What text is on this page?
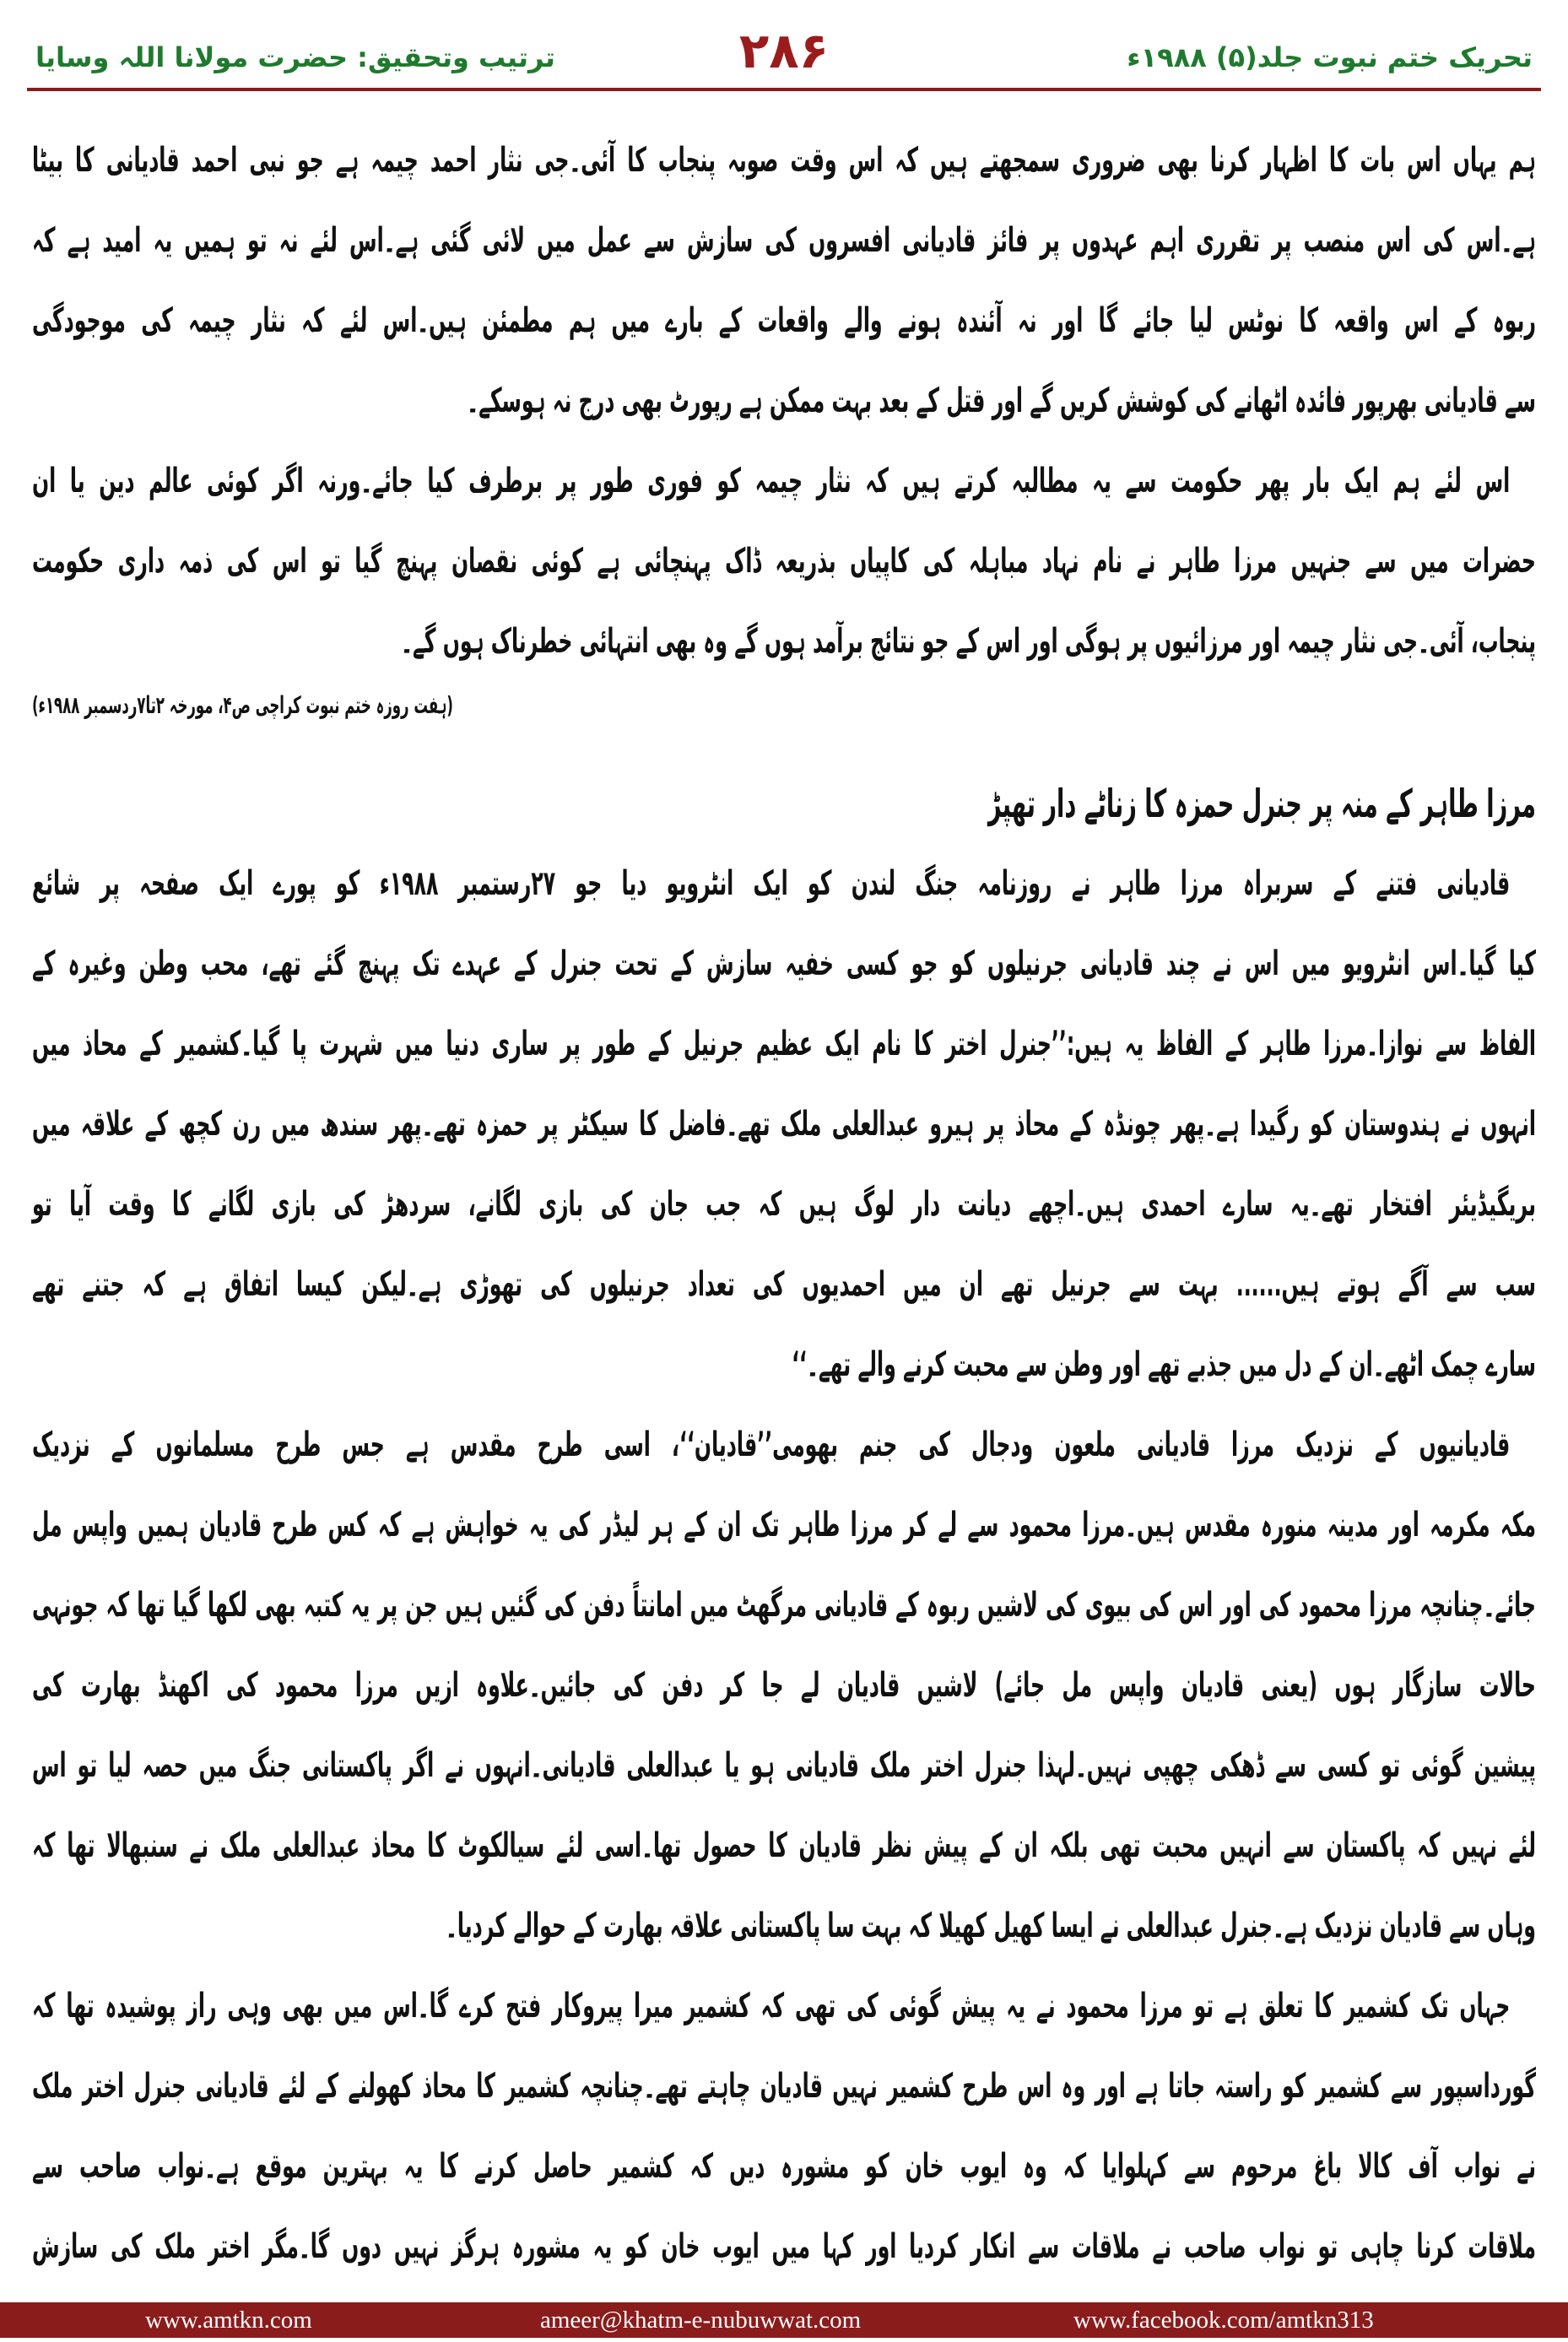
تحریک ختم نبوت جلد(۵) ۱۹۸۸ء
۲۸۶
ترتیب وتحقیق: حضرت مولانا اللہ وسایا
ہم یہاں اس بات کا اظہار کرنا بھی ضروری سمجھتے ہیں کہ اس وقت صوبہ پنجاب کا آئی۔جی نثار احمد چیمہ ہے جو نبی احمد قادیانی کا بیٹا
ہے۔اس کی اس منصب پر تقرری اہم عہدوں پر فائز قادیانی افسروں کی سازش سے عمل میں لائی گئی ہے۔اس لئے نہ تو ہمیں یہ امید ہے کہ
ربوہ کے اس واقعہ کا نوٹس لیا جائے گا اور نہ آئندہ ہونے والے واقعات کے بارے میں ہم مطمئن ہیں۔اس لئے کہ نثار چیمہ کی موجودگی
سے قادیانی بھرپور فائدہ اٹھانے کی کوشش کریں گے اور قتل کے بعد بہت ممکن ہے رپورٹ بھی درج نہ ہوسکے۔
اس لئے ہم ایک بار پھر حکومت سے یہ مطالبہ کرتے ہیں کہ نثار چیمہ کو فوری طور پر برطرف کیا جائے۔ورنہ اگر کوئی عالم دین یا ان
حضرات میں سے جنہیں مرزا طاہر نے نام نہاد مباہلہ کی کاپیاں بذریعہ ڈاک پہنچائی ہے کوئی نقصان پہنچ گیا تو اس کی ذمہ داری حکومت
پنجاب، آئی۔جی نثار چیمہ اور مرزائیوں پر ہوگی اور اس کے جو نتائج برآمد ہوں گے وہ بھی انتہائی خطرناک ہوں گے۔
(ہفت روزہ ختم نبوت کراچی ص۴، مورخہ ۲تا۷ردسمبر ۱۹۸۸ء)
مرزا طاہر کے منہ پر جنرل حمزہ کا زناٹے دار تھپڑ
قادیانی فتنے کے سربراہ مرزا طاہر نے روزنامہ جنگ لندن کو ایک انٹرویو دیا جو ۲۷رستمبر ۱۹۸۸ء کو پورے ایک صفحہ پر شائع
کیا گیا۔اس انٹرویو میں اس نے چند قادیانی جرنیلوں کو جو کسی خفیہ سازش کے تحت جنرل کے عہدے تک پہنچ گئے تھے، محب وطن وغیرہ کے
الفاظ سے نوازا۔مرزا طاہر کے الفاظ یہ ہیں:’’جنرل اختر کا نام ایک عظیم جرنیل کے طور پر ساری دنیا میں شہرت پا گیا۔کشمیر کے محاذ میں
انہوں نے ہندوستان کو رگیدا ہے۔پھر چونڈہ کے محاذ پر ہیرو عبدالعلی ملک تھے۔فاضل کا سیکٹر پر حمزہ تھے۔پھر سندھ میں رن کچھ کے علاقہ میں
بریگیڈیئر افتخار تھے۔یہ سارے احمدی ہیں۔اچھے دیانت دار لوگ ہیں کہ جب جان کی بازی لگانے، سردھڑ کی بازی لگانے کا وقت آیا تو
سب سے آگے ہوتے ہیں...... بہت سے جرنیل تھے ان میں احمدیوں کی تعداد جرنیلوں کی تھوڑی ہے۔لیکن کیسا اتفاق ہے کہ جتنے تھے
سارے چمک اٹھے۔ان کے دل میں جذبے تھے اور وطن سے محبت کرنے والے تھے۔‘‘
قادیانیوں کے نزدیک مرزا قادیانی ملعون ودجال کی جنم بھومی’’قادیان‘‘، اسی طرح مقدس ہے جس طرح مسلمانوں کے نزدیک
مکہ مکرمہ اور مدینہ منورہ مقدس ہیں۔مرزا محمود سے لے کر مرزا طاہر تک ان کے ہر لیڈر کی یہ خواہش ہے کہ کس طرح قادیان ہمیں واپس مل
جائے۔چنانچہ مرزا محمود کی اور اس کی بیوی کی لاشیں ربوہ کے قادیانی مرگھٹ میں امانتاً دفن کی گئیں ہیں جن پر یہ کتبہ بھی لکھا گیا تھا کہ جونہی
حالات سازگار ہوں (یعنی قادیان واپس مل جائے) لاشیں قادیان لے جا کر دفن کی جائیں۔علاوہ ازیں مرزا محمود کی اکھنڈ بھارت کی
پیشین گوئی تو کسی سے ڈھکی چھپی نہیں۔لہذا جنرل اختر ملک قادیانی ہو یا عبدالعلی قادیانی۔انہوں نے اگر پاکستانی جنگ میں حصہ لیا تو اس
لئے نہیں کہ پاکستان سے انہیں محبت تھی بلکہ ان کے پیش نظر قادیان کا حصول تھا۔اسی لئے سیالکوٹ کا محاذ عبدالعلی ملک نے سنبھالا تھا کہ
وہاں سے قادیان نزدیک ہے۔جنرل عبدالعلی نے ایسا کھیل کھیلا کہ بہت سا پاکستانی علاقہ بھارت کے حوالے کردیا۔
جہاں تک کشمیر کا تعلق ہے تو مرزا محمود نے یہ پیش گوئی کی تھی کہ کشمیر میرا پیروکار فتح کرے گا۔اس میں بھی وہی راز پوشیدہ تھا کہ
گورداسپور سے کشمیر کو راستہ جاتا ہے اور وہ اس طرح کشمیر نہیں قادیان چاہتے تھے۔چنانچہ کشمیر کا محاذ کھولنے کے لئے قادیانی جنرل اختر ملک
نے نواب آف کالا باغ مرحوم سے کہلوایا کہ وہ ایوب خان کو مشورہ دیں کہ کشمیر حاصل کرنے کا یہ بہترین موقع ہے۔نواب صاحب سے
ملاقات کرنا چاہی تو نواب صاحب نے ملاقات سے انکار کردیا اور کہا میں ایوب خان کو یہ مشورہ ہرگز نہیں دوں گا۔مگر اختر ملک کی سازش
www.amtkn.com	ameer@khatm-e-nubuwwat.com	www.facebook.com/amtkn313
